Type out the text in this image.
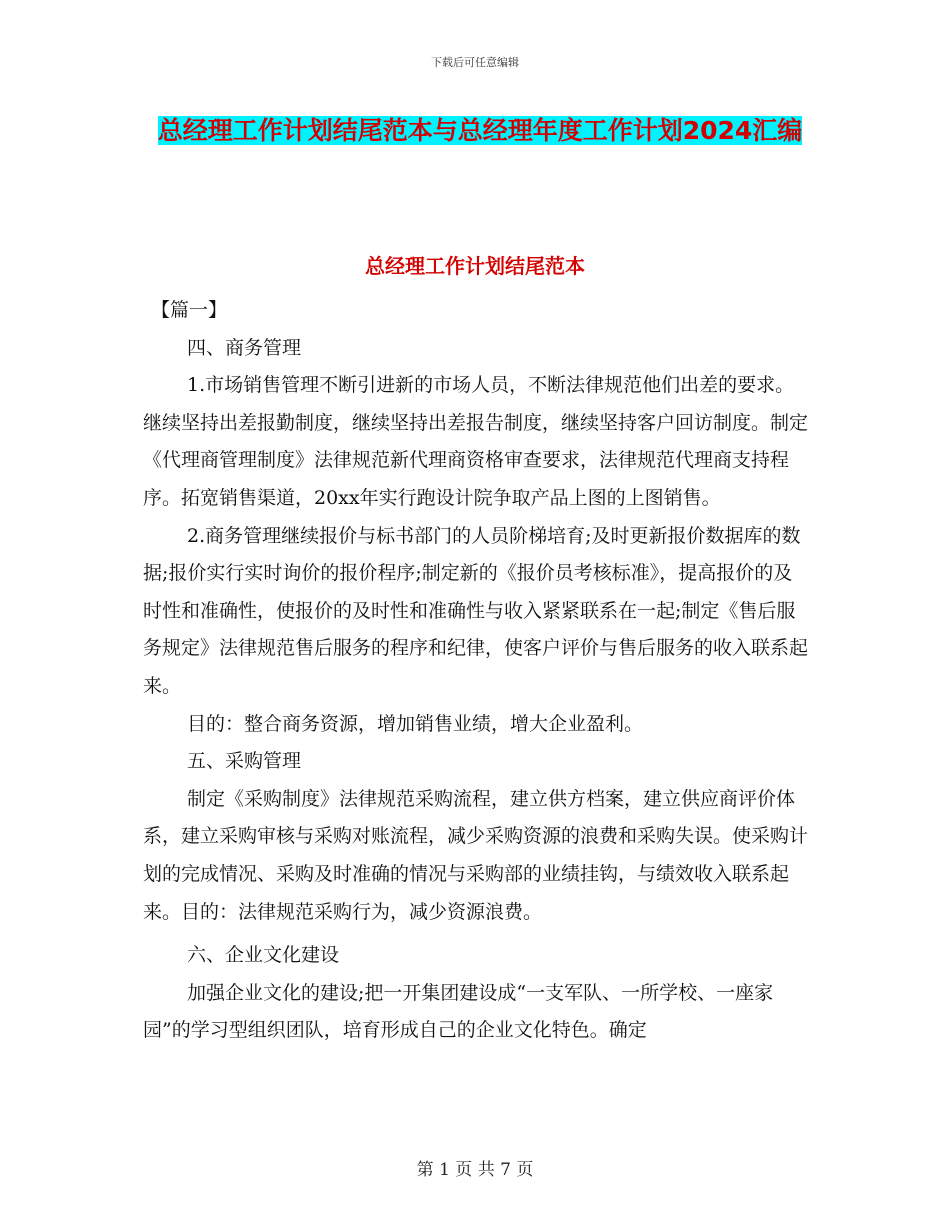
下载后可任意编辑
总经理工作计划结尾范本与总经理年度工作计划2024汇编
总经理工作计划结尾范本

【篇一】

四、商务管理

1.市场销售管理不断引进新的市场人员，不断法律规范他们出差的要求。继续坚持出差报勤制度，继续坚持出差报告制度，继续坚持客户回访制度。制定《代理商管理制度》法律规范新代理商资格审查要求，法律规范代理商支持程序。拓宽销售渠道，20xx年实行跑设计院争取产品上图的上图销售。

2.商务管理继续报价与标书部门的人员阶梯培育;及时更新报价数据库的数据;报价实行实时询价的报价程序;制定新的《报价员考核标准》，提高报价的及时性和准确性，使报价的及时性和准确性与收入紧紧联系在一起;制定《售后服务规定》法律规范售后服务的程序和纪律，使客户评价与售后服务的收入联系起来。

目的：整合商务资源，增加销售业绩，增大企业盈利。

五、采购管理

制定《采购制度》法律规范采购流程，建立供方档案，建立供应商评价体系，建立采购审核与采购对账流程，减少采购资源的浪费和采购失误。使采购计划的完成情况、采购及时准确的情况与采购部的业绩挂钩，与绩效收入联系起来。目的：法律规范采购行为，减少资源浪费。

六、企业文化建设

加强企业文化的建设;把一开集团建设成“一支军队、一所学校、一座家园”的学习型组织团队，培育形成自己的企业文化特色。确定

第 1 页 共 7 页
